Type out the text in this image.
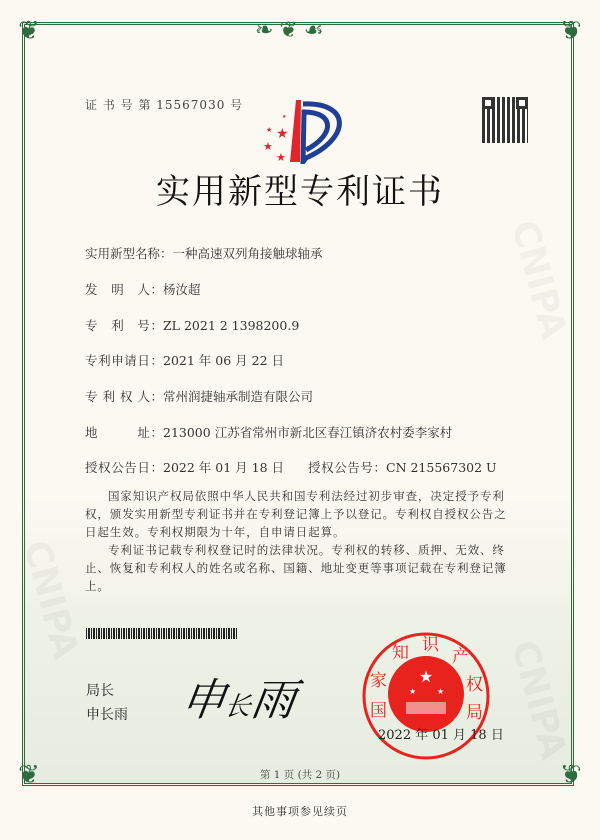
❦	❦
❦	❦
❧❦☙
证 书 号 第 15567030 号
★
★
★
★
★
实用新型专利证书
实用新型名称：一种高速双列角接触球轴承
发　明　人：杨汝超
专　利　号：ZL 2021 2 1398200.9
专利申请日：2021 年 06 月 22 日
专 利 权 人：常州润捷轴承制造有限公司
地　　　址：213000 江苏省常州市新北区春江镇济农村委李家村
授权公告日：2022 年 01 月 18 日 授权公告号：CN 215567302 U

国家知识产权局依照中华人民共和国专利法经过初步审查，决定授予专利权，颁发实用新型专利证书并在专利登记簿上予以登记。专利权自授权公告之日起生效。专利权期限为十年，自申请日起算。

专利证书记载专利权登记时的法律状况。专利权的转移、质押、无效、终止、恢复和专利权人的姓名或名称、国籍、地址变更等事项记载在专利登记簿上。

局长
申长雨 申长雨	★
★	★
国
家
知 识
产
权
局
2022 年 01 月 18 日
第 1 页 (共 2 页)
其他事项参见续页
